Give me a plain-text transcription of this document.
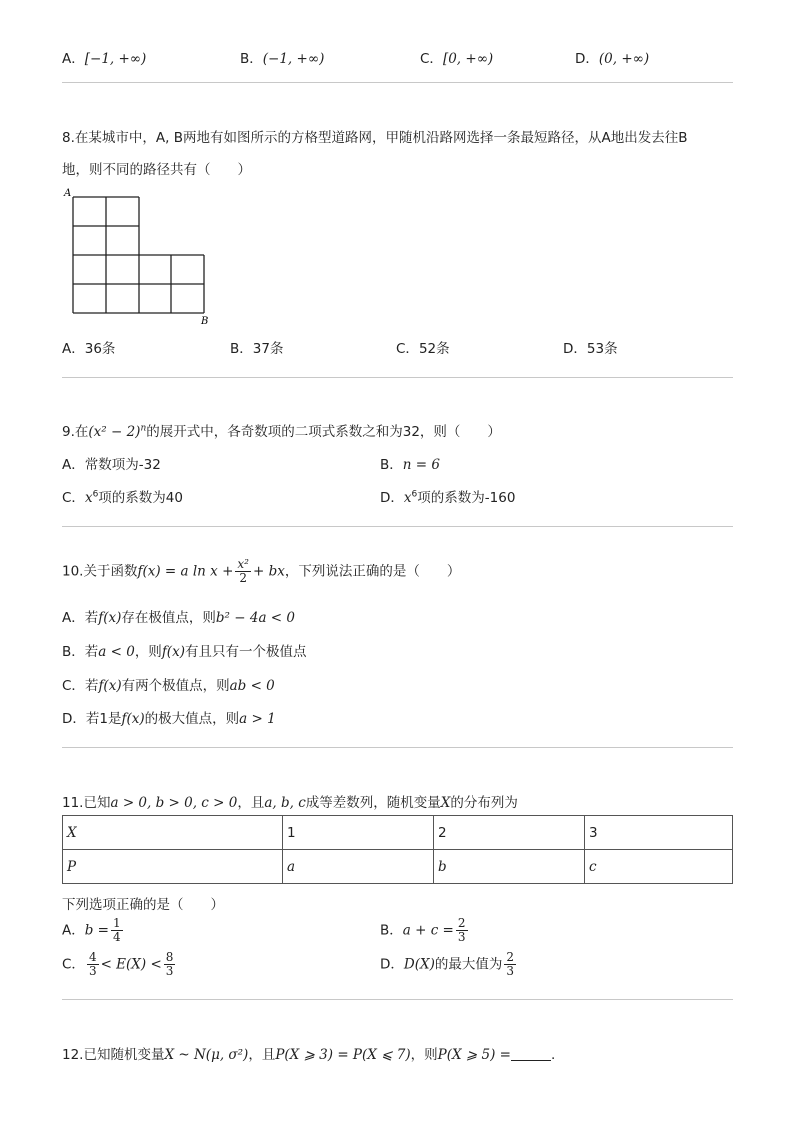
A．[−1, +∞)	B．(−1, +∞)	C．[0, +∞)	D．(0, +∞)
8.在某城市中，A, B两地有如图所示的方格型道路网，甲随机沿路网选择一条最短路径，从A地出发去往B
地，则不同的路径共有（　　）
A
B
A．36条	B．37条	C．52条	D．53条
9.在$(x^2 - 2)^n$的展开式中，各奇数项的二项式系数之和为32，则（　　）
A．常数项为-32	B．n = 6
C．$x^6$项的系数为40	D．$x^6$项的系数为-160
10.关于函数f(x) = a $\ln x + \frac{\text{x²}}{2}$ + bx，下列说法正确的是（　　）
A．若f(x)存在极值点，则b² − 4a < 0
B．若a < 0，则f(x)有且只有一个极值点
C．若f(x)有两个极值点，则ab < 0
D．若1是f(x)的极大值点，则a > 1
11.已知a > 0, b > 0, c > 0，且a, b, c成等差数列，随机变量X的分布列为
X	1	2	3
P	a	b	c
下列选项正确的是（　　）
A．$b = \frac{1}{4}$	B．$a + c = \frac{2}{3}$
C． $\frac{4}{3} < E(X) < \frac{8}{3}$	D．D(X)的最大值为 $\frac{2}{3}$
12.已知随机变量X ~ N(μ, σ²)，且P(X ⩾ 3) = P(X ⩽ 7)，则P(X ⩾ 5) =	.
